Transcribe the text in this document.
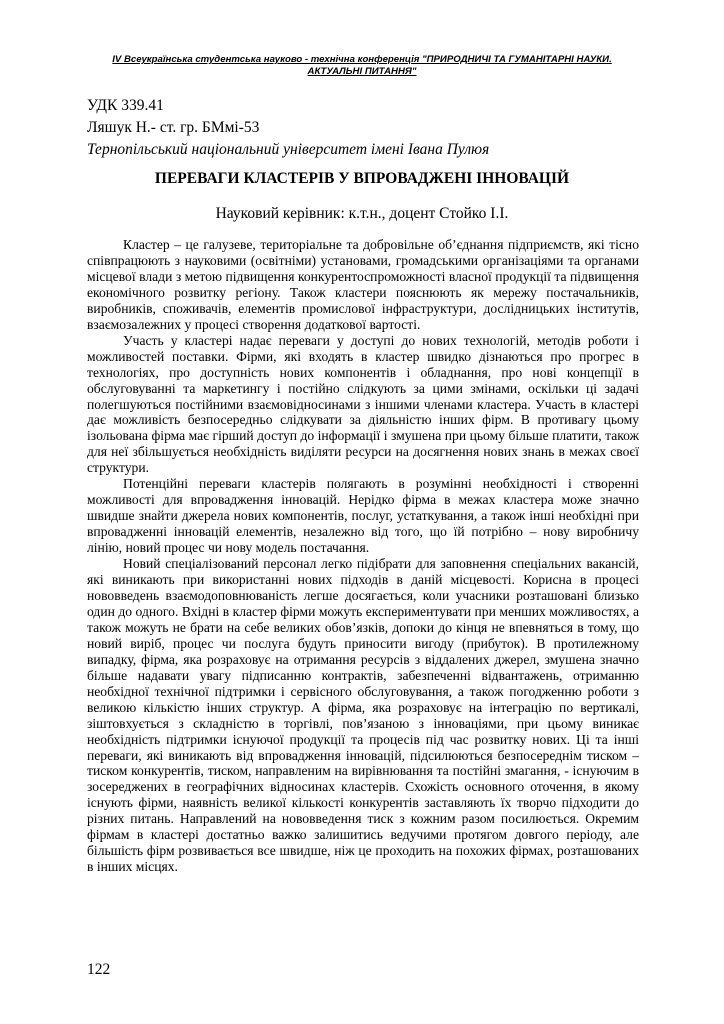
IV Всеукраїнська студентська науково - технічна конференція "ПРИРОДНИЧІ ТА ГУМАНІТАРНІ НАУКИ.
АКТУАЛЬНІ ПИТАННЯ"
УДК 339.41
Ляшук Н.- ст. гр. БМмі-53
Тернопільський національний університет імені Івана Пулюя
ПЕРЕВАГИ КЛАСТЕРІВ У ВПРОВАДЖЕНІ ІННОВАЦІЙ
Науковий керівник: к.т.н., доцент Стойко І.І.

Кластер – це галузеве, територіальне та добровільне об’єднання підприємств, які тісно співпрацюють з науковими (освітніми) установами, громадськими організаціями та органами місцевої влади з метою підвищення конкурентоспроможності власної продукції та підвищення економічного розвитку регіону. Також кластери пояснюють як мережу постачальників, виробників, споживачів, елементів промислової інфраструктури, дослідницьких інститутів, взаємозалежних у процесі створення додаткової вартості.

Участь у кластері надає переваги у доступі до нових технологій, методів роботи і можливостей поставки. Фірми, які входять в кластер швидко дізнаються про прогрес в технологіях, про доступність нових компонентів і обладнання, про нові концепції в обслуговуванні та маркетингу і постійно слідкують за цими змінами, оскільки ці задачі полегшуються постійними взаємовідносинами з іншими членами кластера. Участь в кластері дає можливість безпосередньо слідкувати за діяльністю інших фірм. В противагу цьому ізольована фірма має гірший доступ до інформації і змушена при цьому більше платити, також для неї збільшується необхідність виділяти ресурси на досягнення нових знань в межах своєї структури.

Потенційні переваги кластерів полягають в розумінні необхідності і створенні можливості для впровадження інновацій. Нерідко фірма в межах кластера може значно швидше знайти джерела нових компонентів, послуг, устаткування, а також інші необхідні при впровадженні інновацій елементів, незалежно від того, що їй потрібно – нову виробничу лінію, новий процес чи нову модель постачання.

Новий спеціалізований персонал легко підібрати для заповнення спеціальних вакансій, які виникають при використанні нових підходів в даній місцевості. Корисна в процесі нововведень взаємодоповнюваність легше досягається, коли учасники розташовані близько один до одного. Вхідні в кластер фірми можуть експериментувати при менших можливостях, а також можуть не брати на себе великих обов’язків, допоки до кінця не впевняться в тому, що новий виріб, процес чи послуга будуть приносити вигоду (прибуток). В протилежному випадку, фірма, яка розраховує на отримання ресурсів з віддалених джерел, змушена значно більше надавати увагу підписанню контрактів, забезпеченні відвантажень, отриманню необхідної технічної підтримки і сервісного обслуговування, а також погодженню роботи з великою кількістю інших структур. А фірма, яка розраховує на інтеграцію по вертикалі, зіштовхується з складністю в торгівлі, пов’язаною з інноваціями, при цьому виникає необхідність підтримки існуючої продукції та процесів під час розвитку нових. Ці та інші переваги, які виникають від впровадження інновацій, підсилюються безпосереднім тиском – тиском конкурентів, тиском, направленим на вирівнювання та постійні змагання, - існуючим в зосереджених в географічних відносинах кластерів. Схожість основного оточення, в якому існують фірми, наявність великої кількості конкурентів заставляють їх творчо підходити до різних питань. Направлений на нововведення тиск з кожним разом посилюється. Окремим фірмам в кластері достатньо важко залишитись ведучими протягом довгого періоду, але більшість фірм розвивається все швидше, ніж це проходить на похожих фірмах, розташованих в інших місцях.

122
